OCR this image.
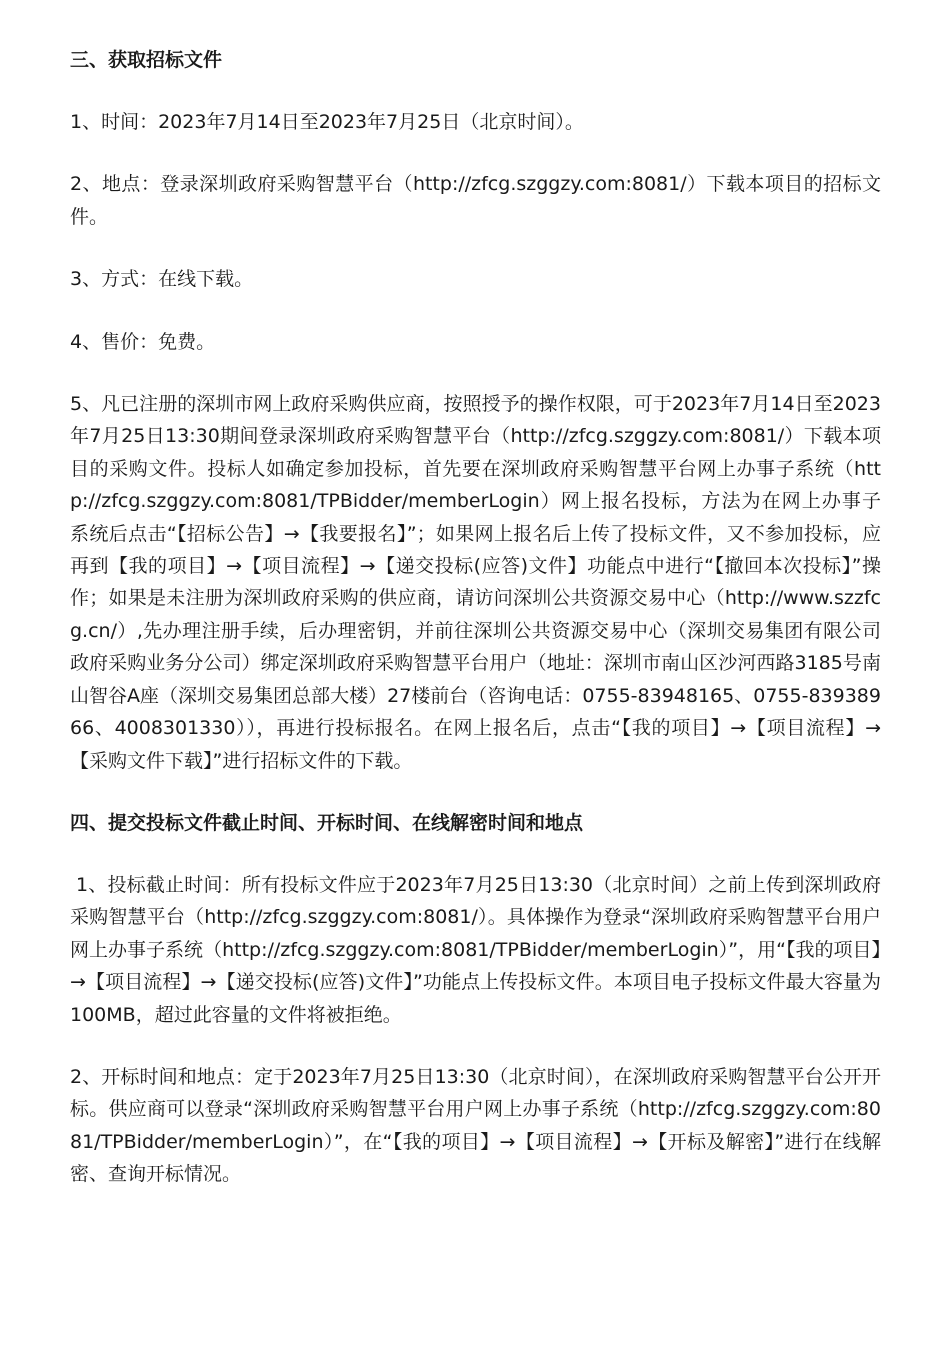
三、获取招标文件

1、时间：2023年7月14日至2023年7月25日（北京时间）。

2、地点：登录深圳政府采购智慧平台（http://zfcg.szggzy.com:8081/）下载本项目的招标文件。

3、方式：在线下载。

4、售价：免费。

5、凡已注册的深圳市网上政府采购供应商，按照授予的操作权限，可于2023年7月14日至2023年7月25日13:30期间登录深圳政府采购智慧平台（http://zfcg.szggzy.com:8081/）下载本项目的采购文件。投标人如确定参加投标，首先要在深圳政府采购智慧平台网上办事子系统（http://zfcg.szggzy.com:8081/TPBidder/memberLogin）网上报名投标，方法为在网上办事子系统后点击“【招标公告】→【我要报名】”；如果网上报名后上传了投标文件，又不参加投标，应再到【我的项目】→【项目流程】→【递交投标(应答)文件】功能点中进行“【撤回本次投标】”操作；如果是未注册为深圳政府采购的供应商，请访问深圳公共资源交易中心（http://www.szzfcg.cn/）,先办理注册手续，后办理密钥，并前往深圳公共资源交易中心（深圳交易集团有限公司政府采购业务分公司）绑定深圳政府采购智慧平台用户（地址：深圳市南山区沙河西路3185号南山智谷A座（深圳交易集团总部大楼）27楼前台（咨询电话：0755-83948165、0755-83938966、4008301330）），再进行投标报名。在网上报名后，点击“【我的项目】→【项目流程】→【采购文件下载】”进行招标文件的下载。

四、提交投标文件截止时间、开标时间、在线解密时间和地点

1、投标截止时间：所有投标文件应于2023年7月25日13:30（北京时间）之前上传到深圳政府采购智慧平台（http://zfcg.szggzy.com:8081/）。具体操作为登录“深圳政府采购智慧平台用户网上办事子系统（http://zfcg.szggzy.com:8081/TPBidder/memberLogin）”，用“【我的项目】→【项目流程】→【递交投标(应答)文件】”功能点上传投标文件。本项目电子投标文件最大容量为100MB，超过此容量的文件将被拒绝。

2、开标时间和地点：定于2023年7月25日13:30（北京时间），在深圳政府采购智慧平台公开开标。供应商可以登录“深圳政府采购智慧平台用户网上办事子系统（http://zfcg.szggzy.com:8081/TPBidder/memberLogin）”，在“【我的项目】→【项目流程】→【开标及解密】”进行在线解密、查询开标情况。
